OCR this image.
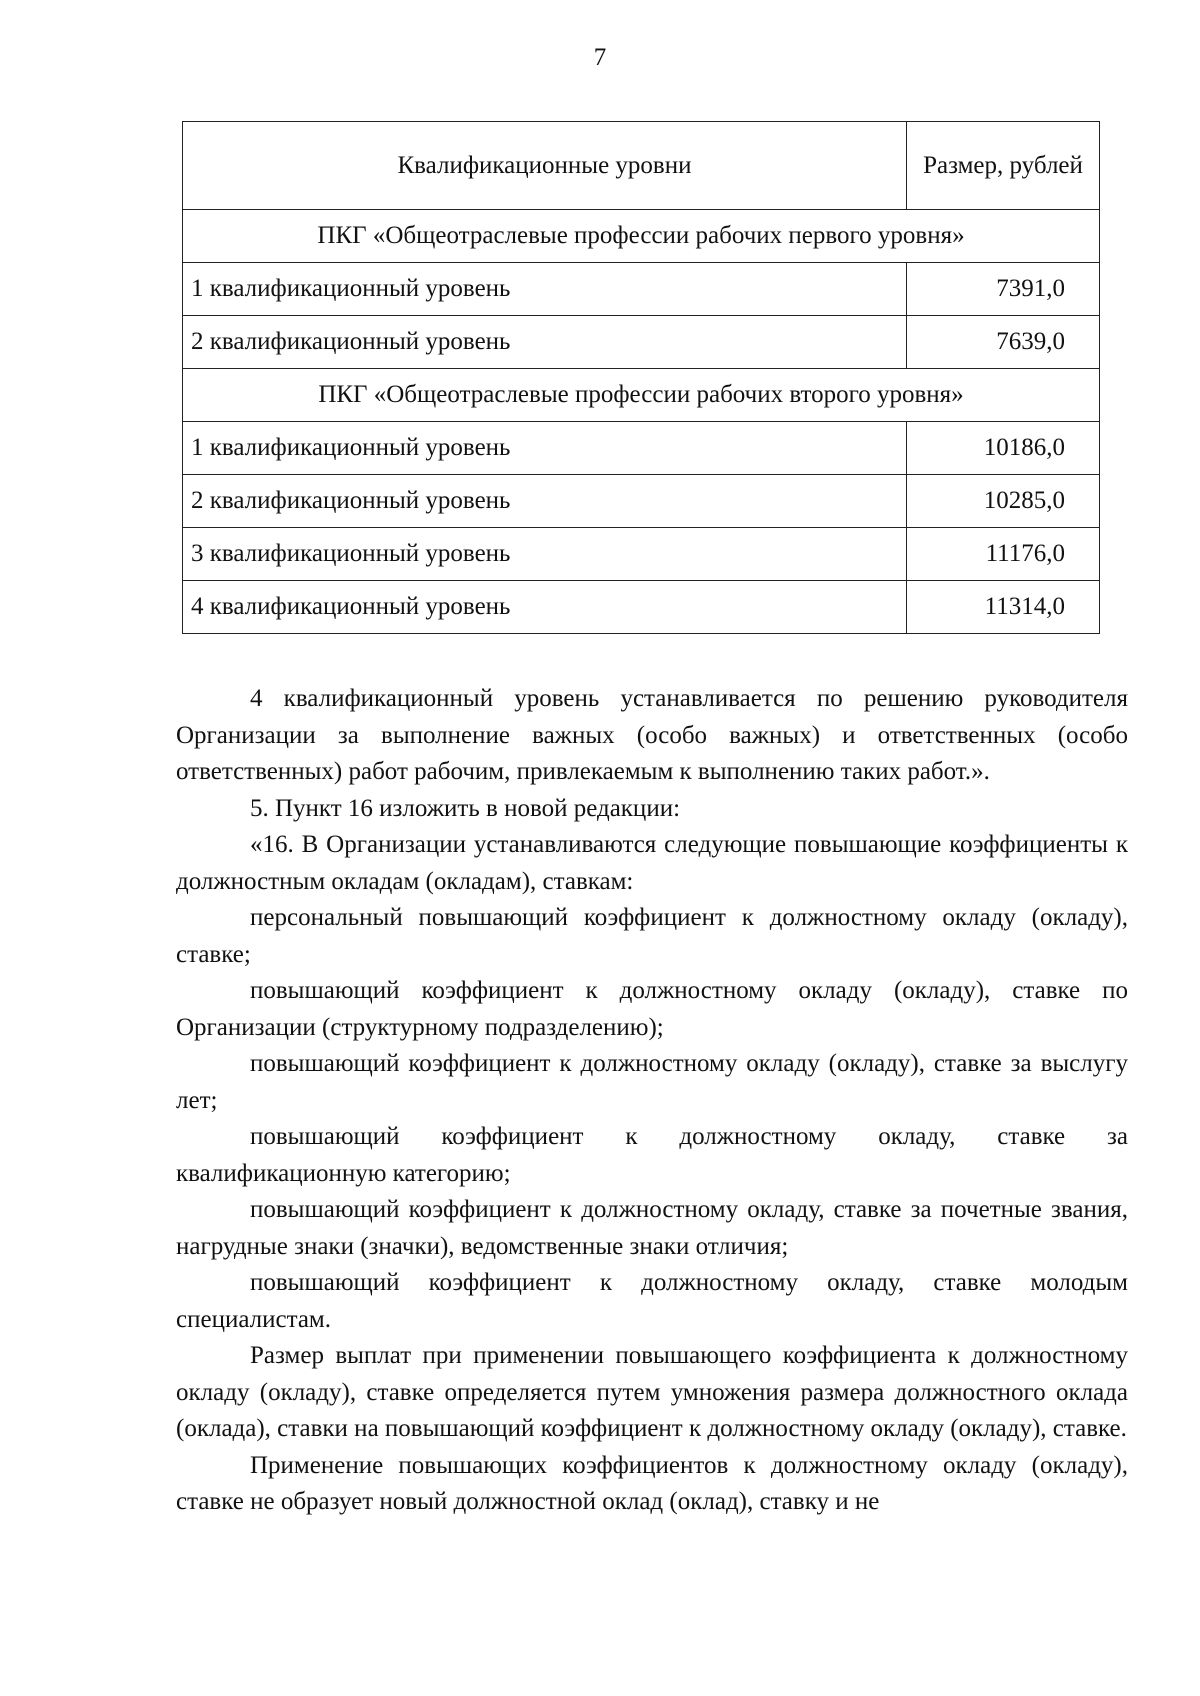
7
Квалификационные уровни	Размер, рублей
ПКГ «Общеотраслевые профессии рабочих первого уровня»	
1 квалификационный уровень	7391,0
2 квалификационный уровень	7639,0
ПКГ «Общеотраслевые профессии рабочих второго уровня»	
1 квалификационный уровень	10186,0
2 квалификационный уровень	10285,0
3 квалификационный уровень	11176,0
4 квалификационный уровень	11314,0

4 квалификационный уровень устанавливается по решению руководителя Организации за выполнение важных (особо важных) и ответственных (особо ответственных) работ рабочим, привлекаемым к выполнению таких работ.».

5. Пункт 16 изложить в новой редакции:

«16. В Организации устанавливаются следующие повышающие коэффициенты к должностным окладам (окладам), ставкам:

персональный повышающий коэффициент к должностному окладу (окладу), ставке;

повышающий коэффициент к должностному окладу (окладу), ставке по Организации (структурному подразделению);

повышающий коэффициент к должностному окладу (окладу), ставке за выслугу лет;

повышающий коэффициент к должностному окладу, ставке за квалификационную категорию;

повышающий коэффициент к должностному окладу, ставке за почетные звания, нагрудные знаки (значки), ведомственные знаки отличия;

повышающий коэффициент к должностному окладу, ставке молодым специалистам.

Размер выплат при применении повышающего коэффициента к должностному окладу (окладу), ставке определяется путем умножения размера должностного оклада (оклада), ставки на повышающий коэффициент к должностному окладу (окладу), ставке.

Применение повышающих коэффициентов к должностному окладу (окладу), ставке не образует новый должностной оклад (оклад), ставку и не
